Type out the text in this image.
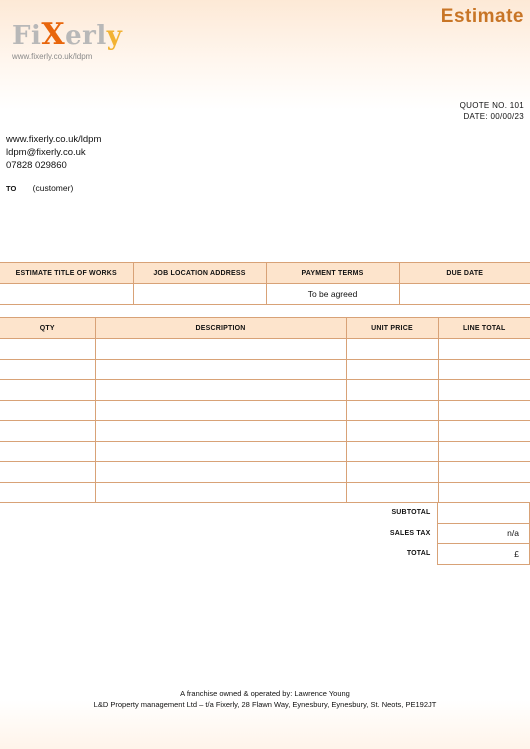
FiXerly
www.fixerly.co.uk/ldpm
Estimate
QUOTE NO. 101
DATE: 00/00/23
www.fixerly.co.uk/ldpm
ldpm@fixerly.co.uk
07828 029860
TO (customer)
ESTIMATE TITLE OF WORKS	JOB LOCATION ADDRESS	PAYMENT TERMS	DUE DATE
		To be agreed	
QTY	DESCRIPTION	UNIT PRICE	LINE TOTAL

SUBTOTAL	
SALES TAX	n/a
TOTAL	£
A franchise owned & operated by: Lawrence Young
L&D Property management Ltd – t/a Fixerly, 28 Flawn Way, Eynesbury, Eynesbury, St. Neots, PE192JT
